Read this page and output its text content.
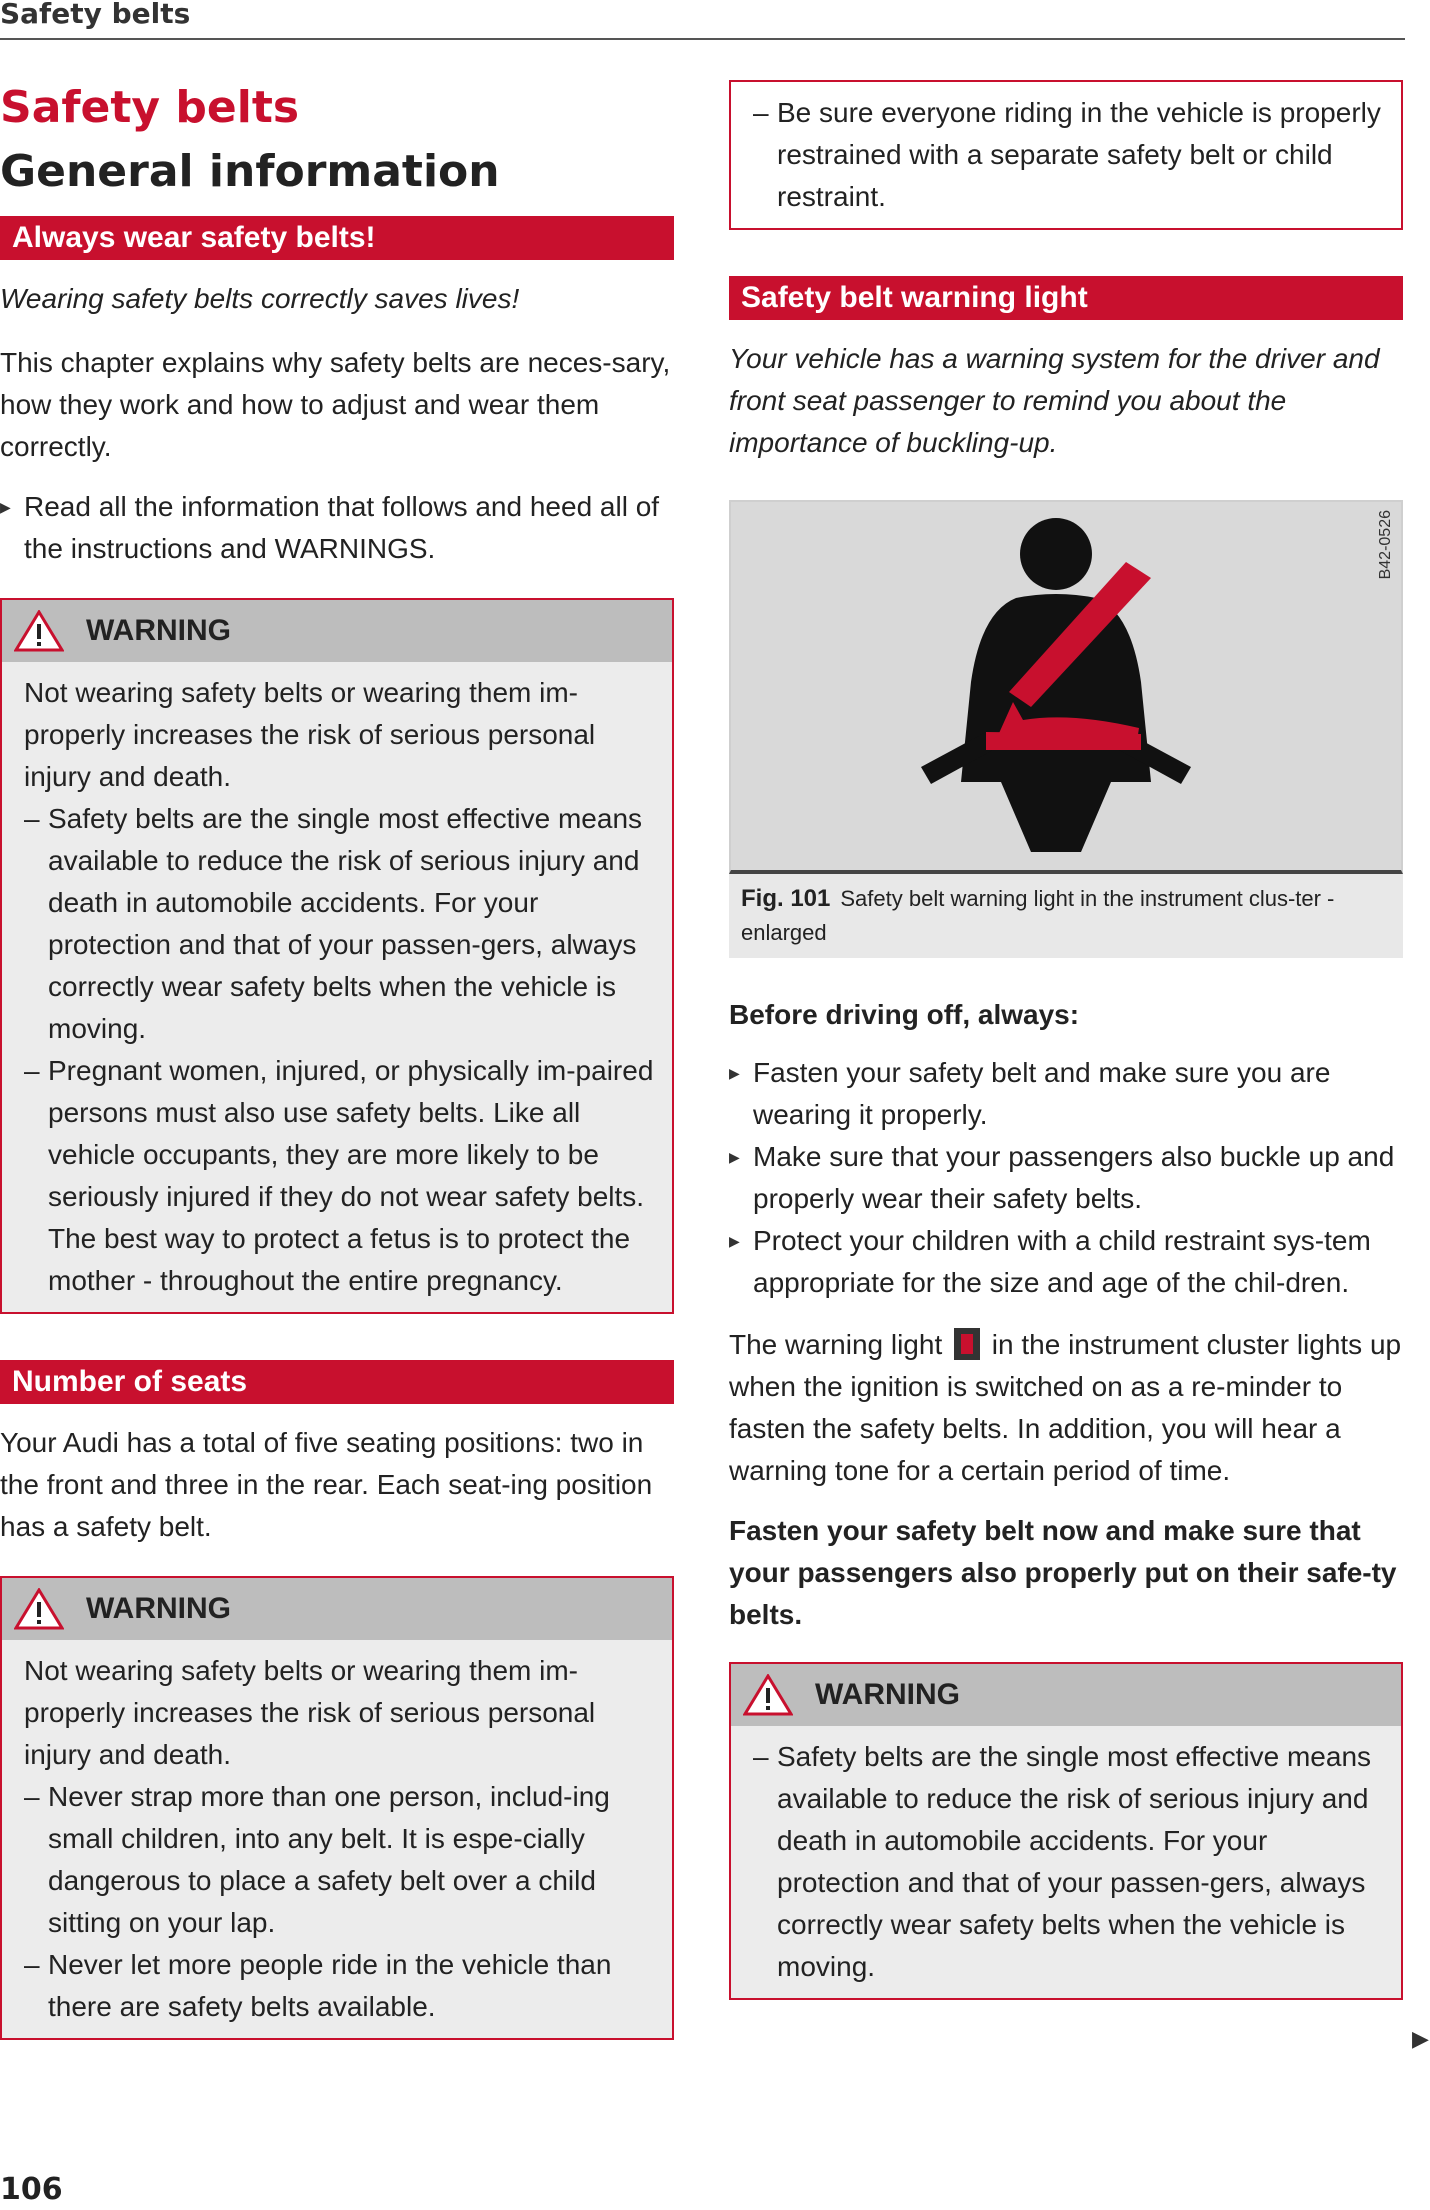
Safety belts
Safety belts
General information
Always wear safety belts!

Wearing safety belts correctly saves lives!

This chapter explains why safety belts are neces-sary, how they work and how to adjust and wear them correctly.

▶ Read all the information that follows and heed all of the instructions and WARNINGS.
WARNING

Not wearing safety belts or wearing them im-properly increases the risk of serious personal injury and death.

– Safety belts are the single most effective means available to reduce the risk of serious injury and death in automobile accidents. For your protection and that of your passen-gers, always correctly wear safety belts when the vehicle is moving.
– Pregnant women, injured, or physically im-paired persons must also use safety belts. Like all vehicle occupants, they are more likely to be seriously injured if they do not wear safety belts. The best way to protect a fetus is to protect the mother - throughout the entire pregnancy.
Number of seats

Your Audi has a total of five seating positions: two in the front and three in the rear. Each seat-ing position has a safety belt.

WARNING

Not wearing safety belts or wearing them im-properly increases the risk of serious personal injury and death.

– Never strap more than one person, includ-ing small children, into any belt. It is espe-cially dangerous to place a safety belt over a child sitting on your lap.
– Never let more people ride in the vehicle than there are safety belts available.
– Be sure everyone riding in the vehicle is properly restrained with a separate safety belt or child restraint.
Safety belt warning light

Your vehicle has a warning system for the driver and front seat passenger to remind you about the importance of buckling-up.

B42-0526
Fig. 101 Safety belt warning light in the instrument clus-ter - enlarged

Before driving off, always:

▶ Fasten your safety belt and make sure you are wearing it properly.
▶ Make sure that your passengers also buckle up and properly wear their safety belts.
▶ Protect your children with a child restraint sys-tem appropriate for the size and age of the chil-dren.

The warning light in the instrument cluster lights up when the ignition is switched on as a re-minder to fasten the safety belts. In addition, you will hear a warning tone for a certain period of time.

Fasten your safety belt now and make sure that your passengers also properly put on their safe-ty belts.

WARNING
– Safety belts are the single most effective means available to reduce the risk of serious injury and death in automobile accidents. For your protection and that of your passen-gers, always correctly wear safety belts when the vehicle is moving.
▶
106
